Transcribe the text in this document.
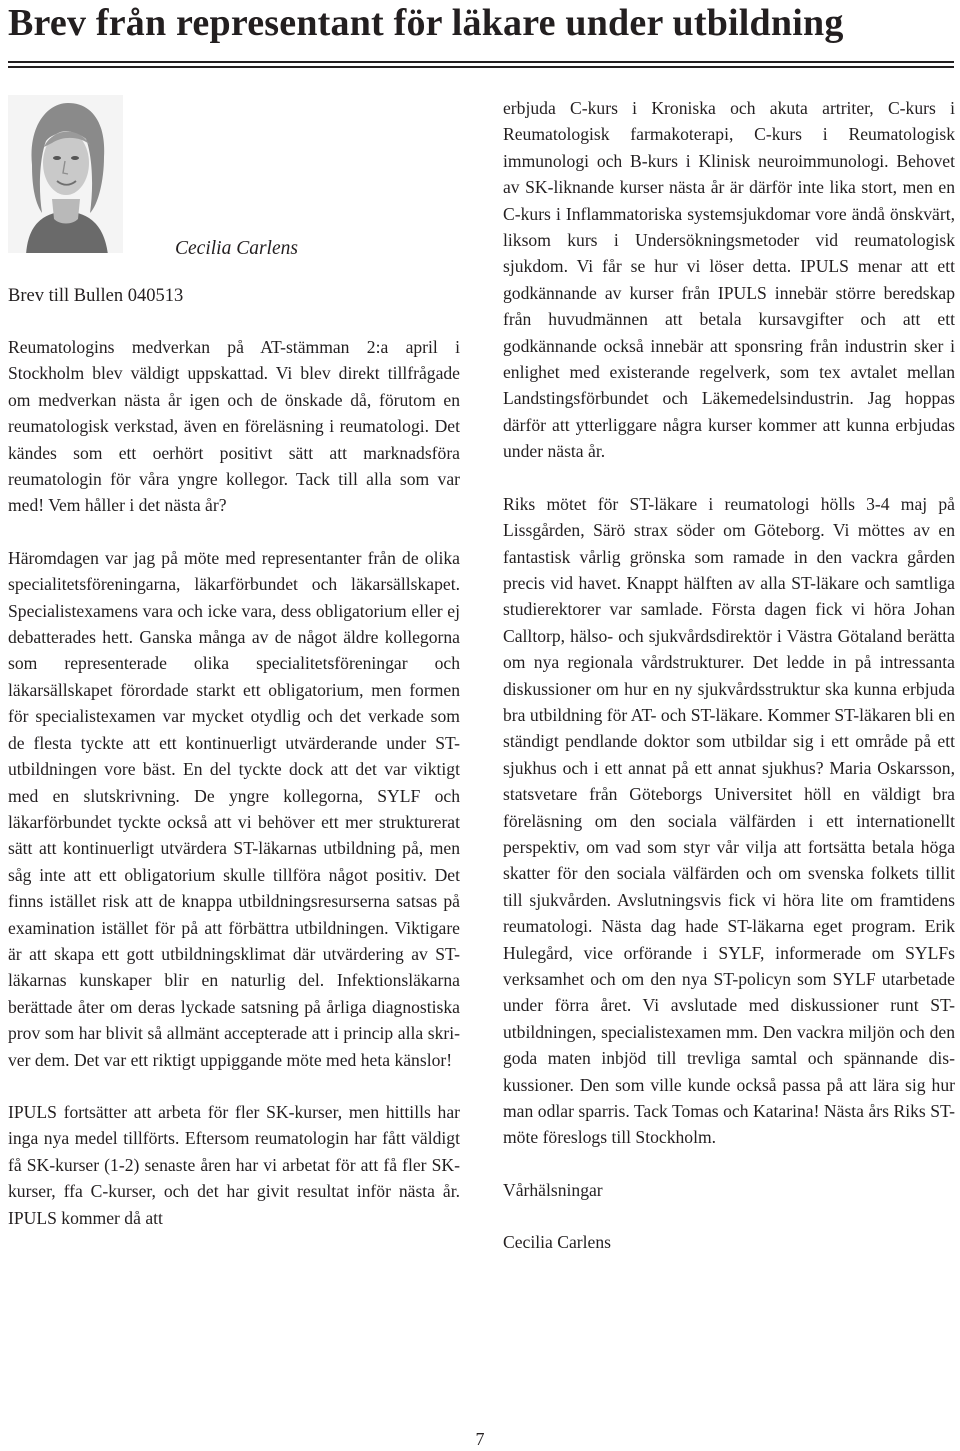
Brev från representant för läkare under utbildning
Cecilia Carlens
Brev till Bullen 040513

Reumatologins medverkan på AT-stämman 2:a april i Stockholm blev väldigt uppskattad. Vi blev direkt tillfrågade om medverkan nästa år igen och de önskade då, förutom en reumatologisk verkstad, även en föreläsning i reumatologi. Det kändes som ett oerhört positivt sätt att marknadsföra reumatologin för våra yngre kollegor. Tack till alla som var med! Vem håller i det nästa år?

Häromdagen var jag på möte med representanter från de olika specialitetsföreningarna, läkarförbundet och läkarsällskapet. Specialistexamens vara och icke vara, dess obligatorium eller ej debatterades hett. Ganska många av de något äldre kollegorna som representerade olika specialitetsföreningar och läkarsällskapet förordade starkt ett obligatorium, men formen för specialistexamen var mycket otydlig och det verkade som de flesta tyckte att ett kontinuerligt utvärderande under ST-utbildningen vore bäst. En del tyckte dock att det var viktigt med en slutskrivning. De yngre kollegorna, SYLF och läkarförbundet tyckte också att vi behöver ett mer strukturerat sätt att kontinuerligt utvärdera ST-läkarnas utbildning på, men såg inte att ett obligatorium skulle tillföra något positiv. Det finns istället risk att de knappa utbildningsresurserna satsas på examination istället för på att förbättra utbildningen. Viktigare är att skapa ett gott utbildningsklimat där utvärdering av ST-läkarnas kunskaper blir en naturlig del. Infektionsläkarna berättade åter om deras lyckade satsning på årliga diagnostiska prov som har blivit så allmänt accepterade att i princip alla skriver dem. Det var ett riktigt uppiggande möte med heta känslor!

IPULS fortsätter att arbeta för fler SK-kurser, men hittills har inga nya medel tillförts. Eftersom reumatologin har fått väldigt få SK-kurser (1-2) senaste åren har vi arbetat för att få fler SK-kurser, ffa C-kurser, och det har givit resultat inför nästa år. IPULS kommer då att

erbjuda C-kurs i Kroniska och akuta artriter, C-kurs i Reumatologisk farmakoterapi, C-kurs i Reumatologisk immunologi och B-kurs i Klinisk neuroimmunologi. Behovet av SK-liknande kurser nästa år är därför inte lika stort, men en C-kurs i Inflammatoriska systemsjukdomar vore ändå önskvärt, liksom kurs i Undersökningsmetoder vid reumatologisk sjukdom. Vi får se hur vi löser detta. IPULS menar att ett godkännande av kurser från IPULS innebär större beredskap från huvudmännen att betala kursavgifter och att ett godkännande också innebär att sponsring från industrin sker i enlighet med existerande regelverk, som tex avtalet mellan Landstingsförbundet och Läkemedelsindustrin. Jag hoppas därför att ytterliggare några kurser kommer att kunna erbjudas under nästa år.

Riks mötet för ST-läkare i reumatologi hölls 3-4 maj på Lissgården, Särö strax söder om Göteborg. Vi möttes av en fantastisk vårlig grönska som ramade in den vackra gården precis vid havet. Knappt hälften av alla ST-läkare och samtliga studierektorer var samlade. Första dagen fick vi höra Johan Calltorp, hälso- och sjukvårdsdirektör i Västra Götaland berätta om nya regionala vårdstrukturer. Det ledde in på intressanta diskussioner om hur en ny sjukvårdsstruktur ska kunna erbjuda bra utbildning för AT- och ST-läkare. Kommer ST-läkaren bli en ständigt pendlande doktor som utbildar sig i ett område på ett sjukhus och i ett annat på ett annat sjukhus? Maria Oskarsson, statsvetare från Göteborgs Universitet höll en väldigt bra föreläsning om den sociala välfärden i ett internationellt perspektiv, om vad som styr vår vilja att fortsätta betala höga skatter för den sociala välfärden och om svenska folkets tillit till sjukvården. Avslutningsvis fick vi höra lite om framtidens reumatologi. Nästa dag hade ST-läkarna eget program. Erik Hulegård, vice orförande i SYLF, informerade om SYLFs verksamhet och om den nya ST-policyn som SYLF utarbetade under förra året. Vi avslutade med diskussioner runt ST-utbildningen, specialistexamen mm. Den vackra miljön och den goda maten inbjöd till trevliga samtal och spännande diskussioner. Den som ville kunde också passa på att lära sig hur man odlar sparris. Tack Tomas och Katarina! Nästa års Riks ST-möte föreslogs till Stockholm.

Vårhälsningar

Cecilia Carlens

7
